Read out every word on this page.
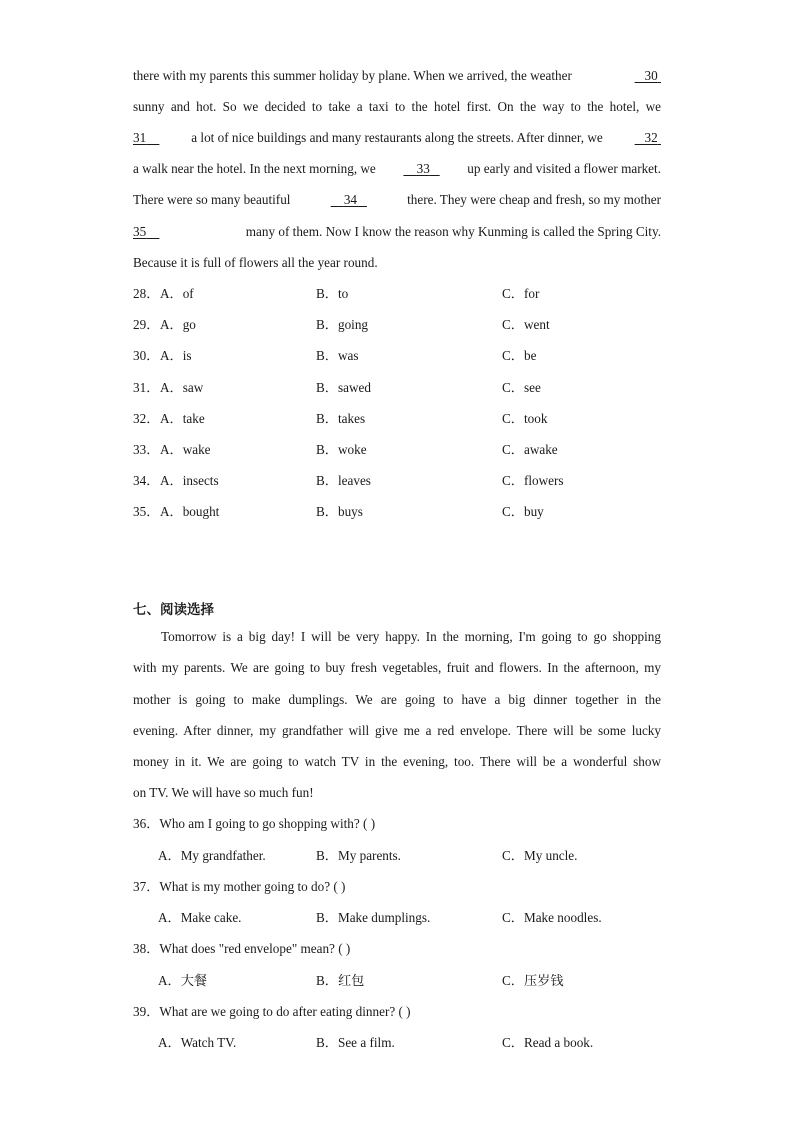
there with my parents this summer holiday by plane. When we arrived, the weather	30
sunny and hot. So we decided to take a taxi to the hotel first. On the way to the hotel, we
31	a lot of nice buildings and many restaurants along the streets. After dinner, we	32
a walk near the hotel. In the next morning, we	33	up early and visited a flower market.
There were so many beautiful	34	there. They were cheap and fresh, so my mother
35	many of them. Now I know the reason why Kunming is called the Spring City.
Because it is full of flowers all the year round.
28． A．of	B．to	C．for
29． A．go	B．going	C．went
30． A．is	B．was	C．be
31． A．saw	B．sawed	C．see
32． A．take	B．takes	C．took
33． A．wake	B．woke	C．awake
34． A．insects	B．leaves	C．flowers
35． A．bought	B．buys	C．buy
七、阅读选择
Tomorrow is a big day! I will be very happy. In the morning, I'm going to go shopping
with my parents. We are going to buy fresh vegetables, fruit and flowers. In the afternoon, my
mother is going to make dumplings. We are going to have a big dinner together in the
evening. After dinner, my grandfather will give me a red envelope. There will be some lucky
money in it. We are going to watch TV in the evening, too. There will be a wonderful show
on TV. We will have so much fun!
36．Who am I going to go shopping with? ( )
A．My grandfather.	B．My parents.	C．My uncle.
37．What is my mother going to do? ( )
A．Make cake.	B．Make dumplings.	C．Make noodles.
38．What does "red envelope" mean? ( )
A．大餐	B．红包	C．压岁钱
39．What are we going to do after eating dinner? ( )
A．Watch TV.	B．See a film.	C．Read a book.
